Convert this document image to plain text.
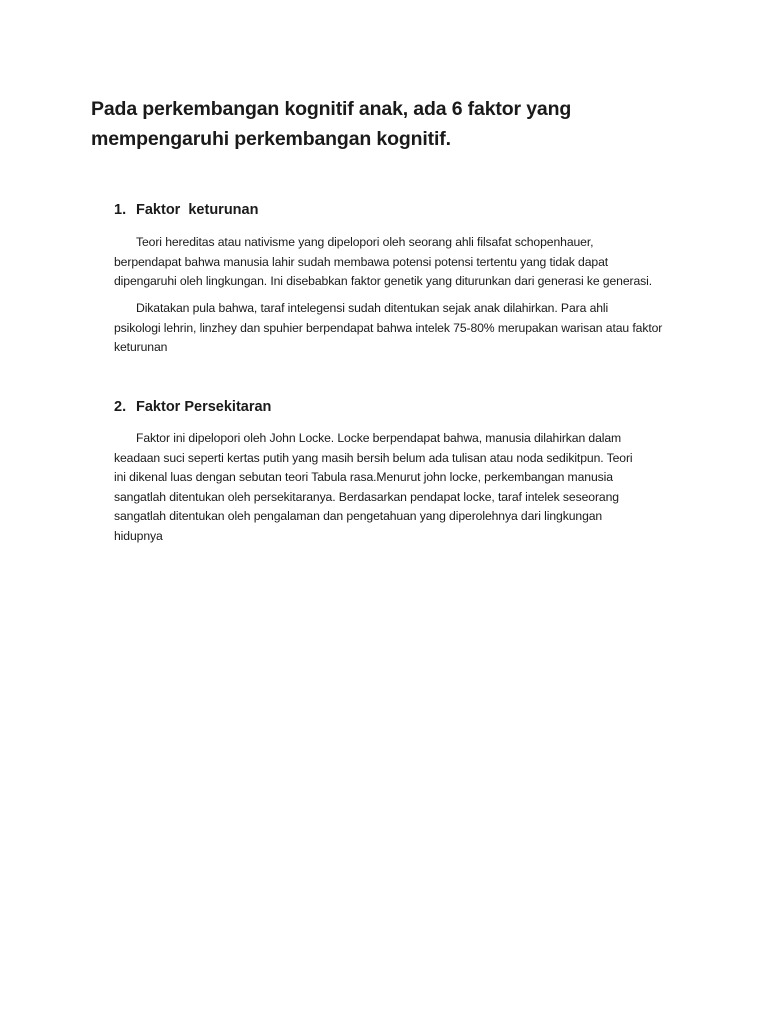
Pada perkembangan kognitif anak, ada 6 faktor yang
mempengaruhi perkembangan kognitif.
1. Faktor  keturunan

Teori hereditas atau nativisme yang dipelopori oleh seorang ahli filsafat schopenhauer,
berpendapat bahwa manusia lahir sudah membawa potensi potensi tertentu yang tidak dapat
dipengaruhi oleh lingkungan. Ini disebabkan faktor genetik yang diturunkan dari generasi ke generasi.

Dikatakan pula bahwa, taraf intelegensi sudah ditentukan sejak anak dilahirkan. Para ahli
psikologi lehrin, linzhey dan spuhier berpendapat bahwa intelek 75-80% merupakan warisan atau faktor
keturunan

2. Faktor Persekitaran

Faktor ini dipelopori oleh John Locke. Locke berpendapat bahwa, manusia dilahirkan dalam
keadaan suci seperti kertas putih yang masih bersih belum ada tulisan atau noda sedikitpun. Teori
ini dikenal luas dengan sebutan teori Tabula rasa.Menurut john locke, perkembangan manusia
sangatlah ditentukan oleh persekitaranya. Berdasarkan pendapat locke, taraf intelek seseorang
sangatlah ditentukan oleh pengalaman dan pengetahuan yang diperolehnya dari lingkungan
hidupnya
